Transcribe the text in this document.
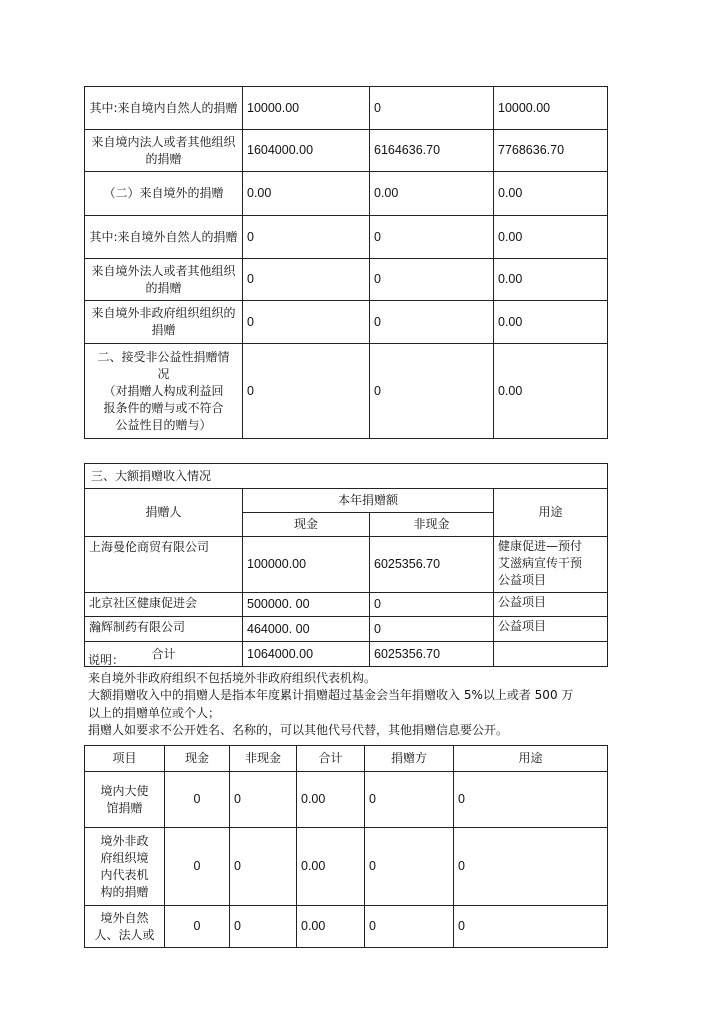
其中:来自境内自然人的捐赠	10000.00	0	10000.00
来自境内法人或者其他组织的捐赠	1604000.00	6164636.70	7768636.70
（二）来自境外的捐赠	0.00	0.00	0.00
其中:来自境外自然人的捐赠	0	0	0.00
来自境外法人或者其他组织的捐赠	0	0	0.00
来自境外非政府组织组织的捐赠	0	0	0.00

二、接受非公益性捐赠情
况
（对捐赠人构成利益回
报条件的赠与或不符合
公益性目的赠与）	0	0	0.00
三、大额捐赠收入情况			
捐赠人	本年捐赠额		用途
	现金	非现金	
上海曼伦商贸有限公司	100000.00	6025356.70	健康促进—预付
艾滋病宣传干预
公益项目

北京社区健康促进会	500000. 00	0	公益项目

瀚辉制药有限公司	464000. 00	0	公益项目

合计	1064000.00	6025356.70	
说明：
来自境外非政府组织不包括境外非政府组织代表机构。
大额捐赠收入中的捐赠人是指本年度累计捐赠超过基金会当年捐赠收入 5%以上或者 500 万
以上的捐赠单位或个人；
捐赠人如要求不公开姓名、名称的，可以其他代号代替，其他捐赠信息要公开。
项目	现金	非现金	合计	捐赠方	用途

境内大使
馆捐赠	0	0	0.00	0	0

境外非政
府组织境
内代表机
构的捐赠	0	0	0.00	0	0

境外自然
人、法人或	0	0	0.00	0	0
